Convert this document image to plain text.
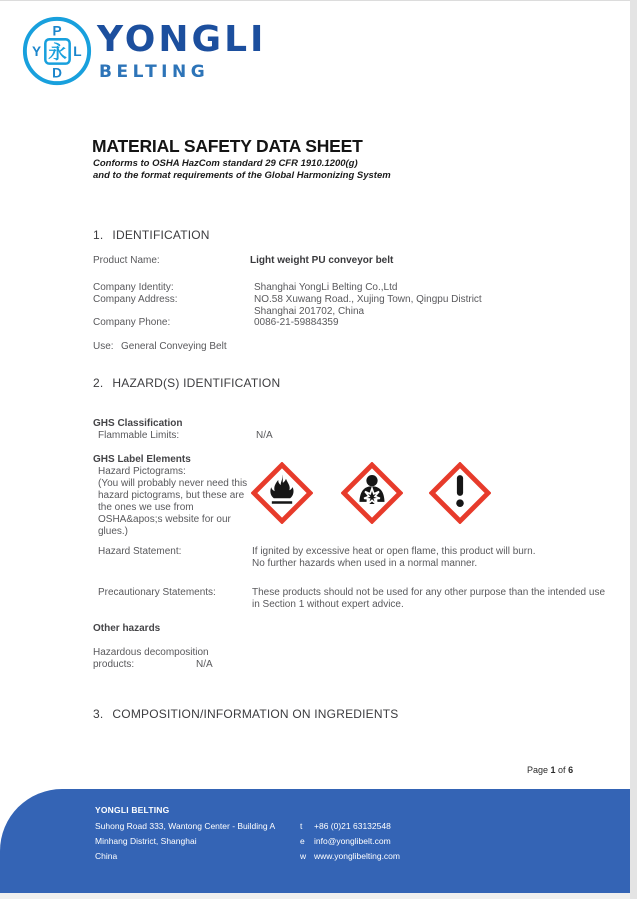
P
Y L
D
永 YONGLI
BELTING
MATERIAL SAFETY DATA SHEET
Conforms to OSHA HazCom standard 29 CFR 1910.1200(g)
and to the format requirements of the Global Harmonizing System
1. IDENTIFICATION
Product Name:	Light weight PU conveyor belt
Company Identity:	Shanghai YongLi Belting Co.,Ltd
Company Address:	NO.58 Xuwang Road., Xujing Town, Qingpu District
Shanghai 201702, China
Company Phone:	0086-21-59884359
Use: General Conveying Belt
2. HAZARD(S) IDENTIFICATION
GHS Classification
Flammable Limits:	N/A
GHS Label Elements
Hazard Pictograms:
(You will probably never need this
hazard pictograms, but these are
the ones we use from
OSHA&apos;s website for our
glues.)
Hazard Statement:	If ignited by excessive heat or open flame, this product will burn.
No further hazards when used in a normal manner.
Precautionary Statements:	These products should not be used for any other purpose than the intended use
in Section 1 without expert advice.
Other hazards
Hazardous decomposition
products:	N/A
3. COMPOSITION/INFORMATION ON INGREDIENTS
Page 1 of 6
YONGLI BELTING
Suhong Road 333, Wantong Center - Building A
Minhang District, Shanghai
China
t +86 (0)21 63132548
e info@yonglibelt.com
w www.yonglibelting.com
